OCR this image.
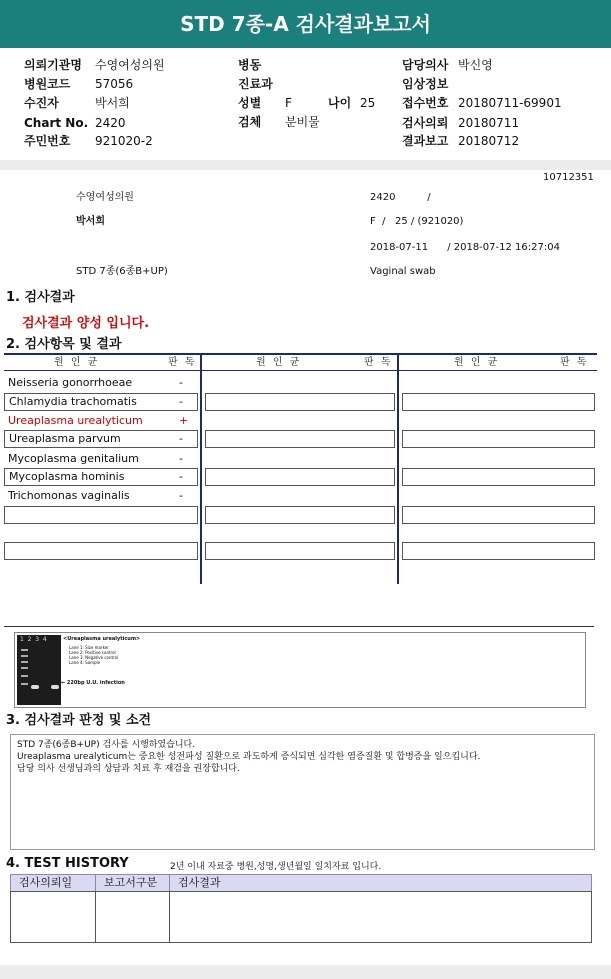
STD 7종-A 검사결과보고서
의뢰기관명 수영여성의원
병원코드 57056
수진자	박서희
Chart No. 2420
주민번호 921020-2
병동
진료과
성별 F	나이 25
검체 분비물
담당의사 박신영
임상정보
접수번호 20180711-69901
검사의뢰 20180711
결과보고 20180712
10712351
수영여성의원	2420          /
박서희	F  /   25 / (921020)
2018-07-11      / 2018-07-12 16:27:04
STD 7종(6종B+UP)	Vaginal swab
1. 검사결과
검사결과 양성 입니다.
2. 검사항목 및 결과
원 인 균	판 독	원 인 균	판 독	원 인 균	판 독
Neisseria gonorrhoeae	-
Chlamydia trachomatis	-
Ureaplasma urealyticum	+
Ureaplasma parvum	-
Mycoplasma genitalium	-
Mycoplasma hominis	-
Trichomonas vaginalis	-
1  2  3  4	<Ureaplasma urealyticum>
Lane 1: Size marker
Lane 2: Positive control
Lane 3: Negative control
Lane 4: Sample
← 220bp U.U. infection
3. 검사결과 판정 및 소견
STD 7종(6종B+UP) 검사를 시행하였습니다.
Ureaplasma urealyticum는 중요한 성전파성 질환으로 과도하게 증식되면 심각한 염증질환 및 합병증을 일으킵니다.
담당 의사 선생님과의 상담과 치료 후 재검을 권장합니다.
4. TEST HISTORY	2년 이내 자료중 병원,성명,생년월일 일치자료 입니다.
검사의뢰일	보고서구분	검사결과
